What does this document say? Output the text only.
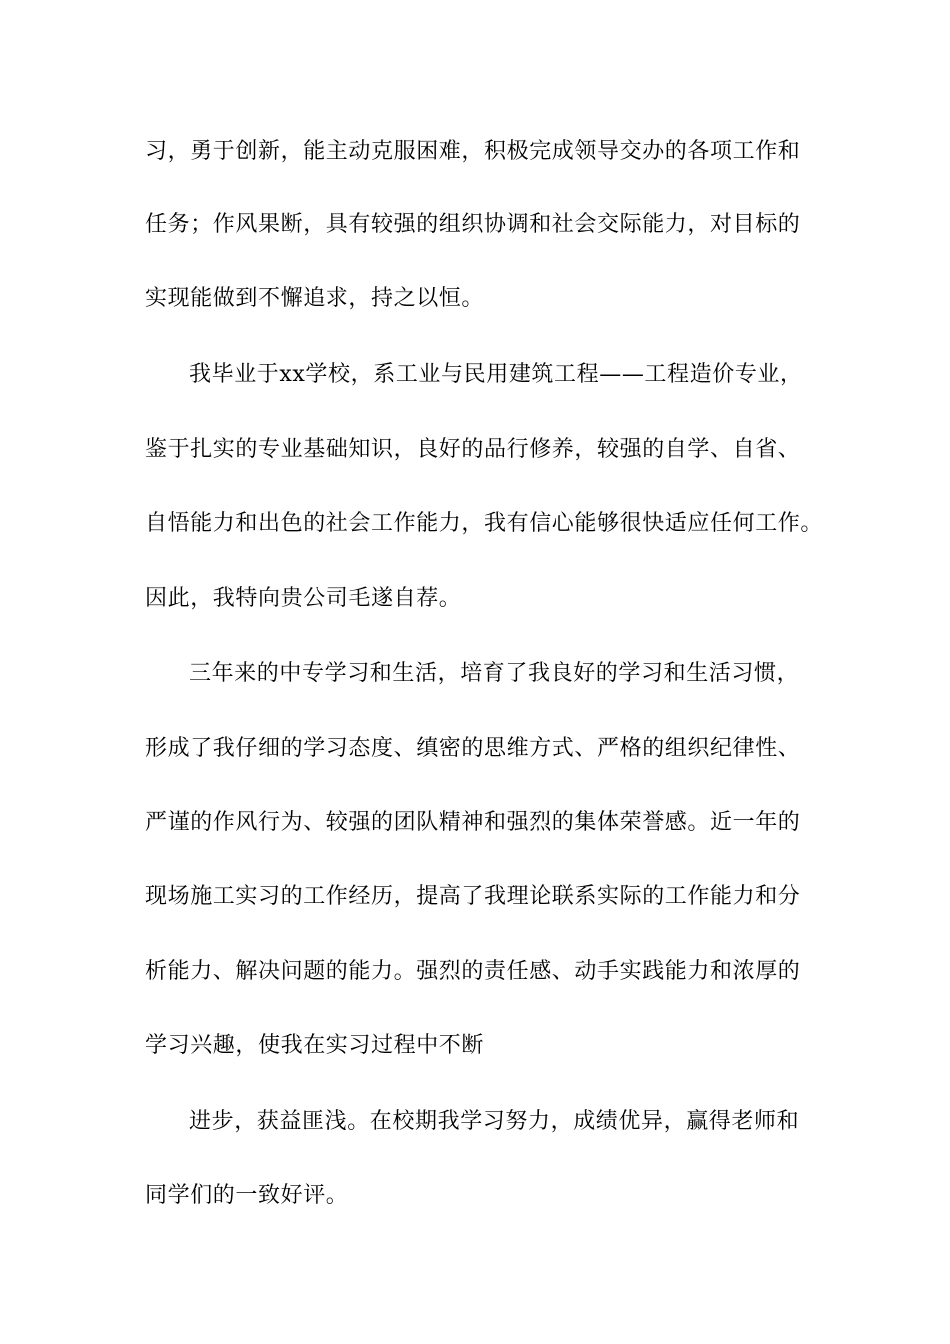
习，勇于创新，能主动克服困难，积极完成领导交办的各项工作和
任务；作风果断，具有较强的组织协调和社会交际能力，对目标的
实现能做到不懈追求，持之以恒。
我毕业于xx学校，系工业与民用建筑工程——工程造价专业，
鉴于扎实的专业基础知识，良好的品行修养，较强的自学、自省、
自悟能力和出色的社会工作能力，我有信心能够很快适应任何工作。
因此，我特向贵公司毛遂自荐。
三年来的中专学习和生活，培育了我良好的学习和生活习惯，
形成了我仔细的学习态度、缜密的思维方式、严格的组织纪律性、
严谨的作风行为、较强的团队精神和强烈的集体荣誉感。近一年的
现场施工实习的工作经历，提高了我理论联系实际的工作能力和分
析能力、解决问题的能力。强烈的责任感、动手实践能力和浓厚的
学习兴趣，使我在实习过程中不断
进步，获益匪浅。在校期我学习努力，成绩优异，赢得老师和
同学们的一致好评。
